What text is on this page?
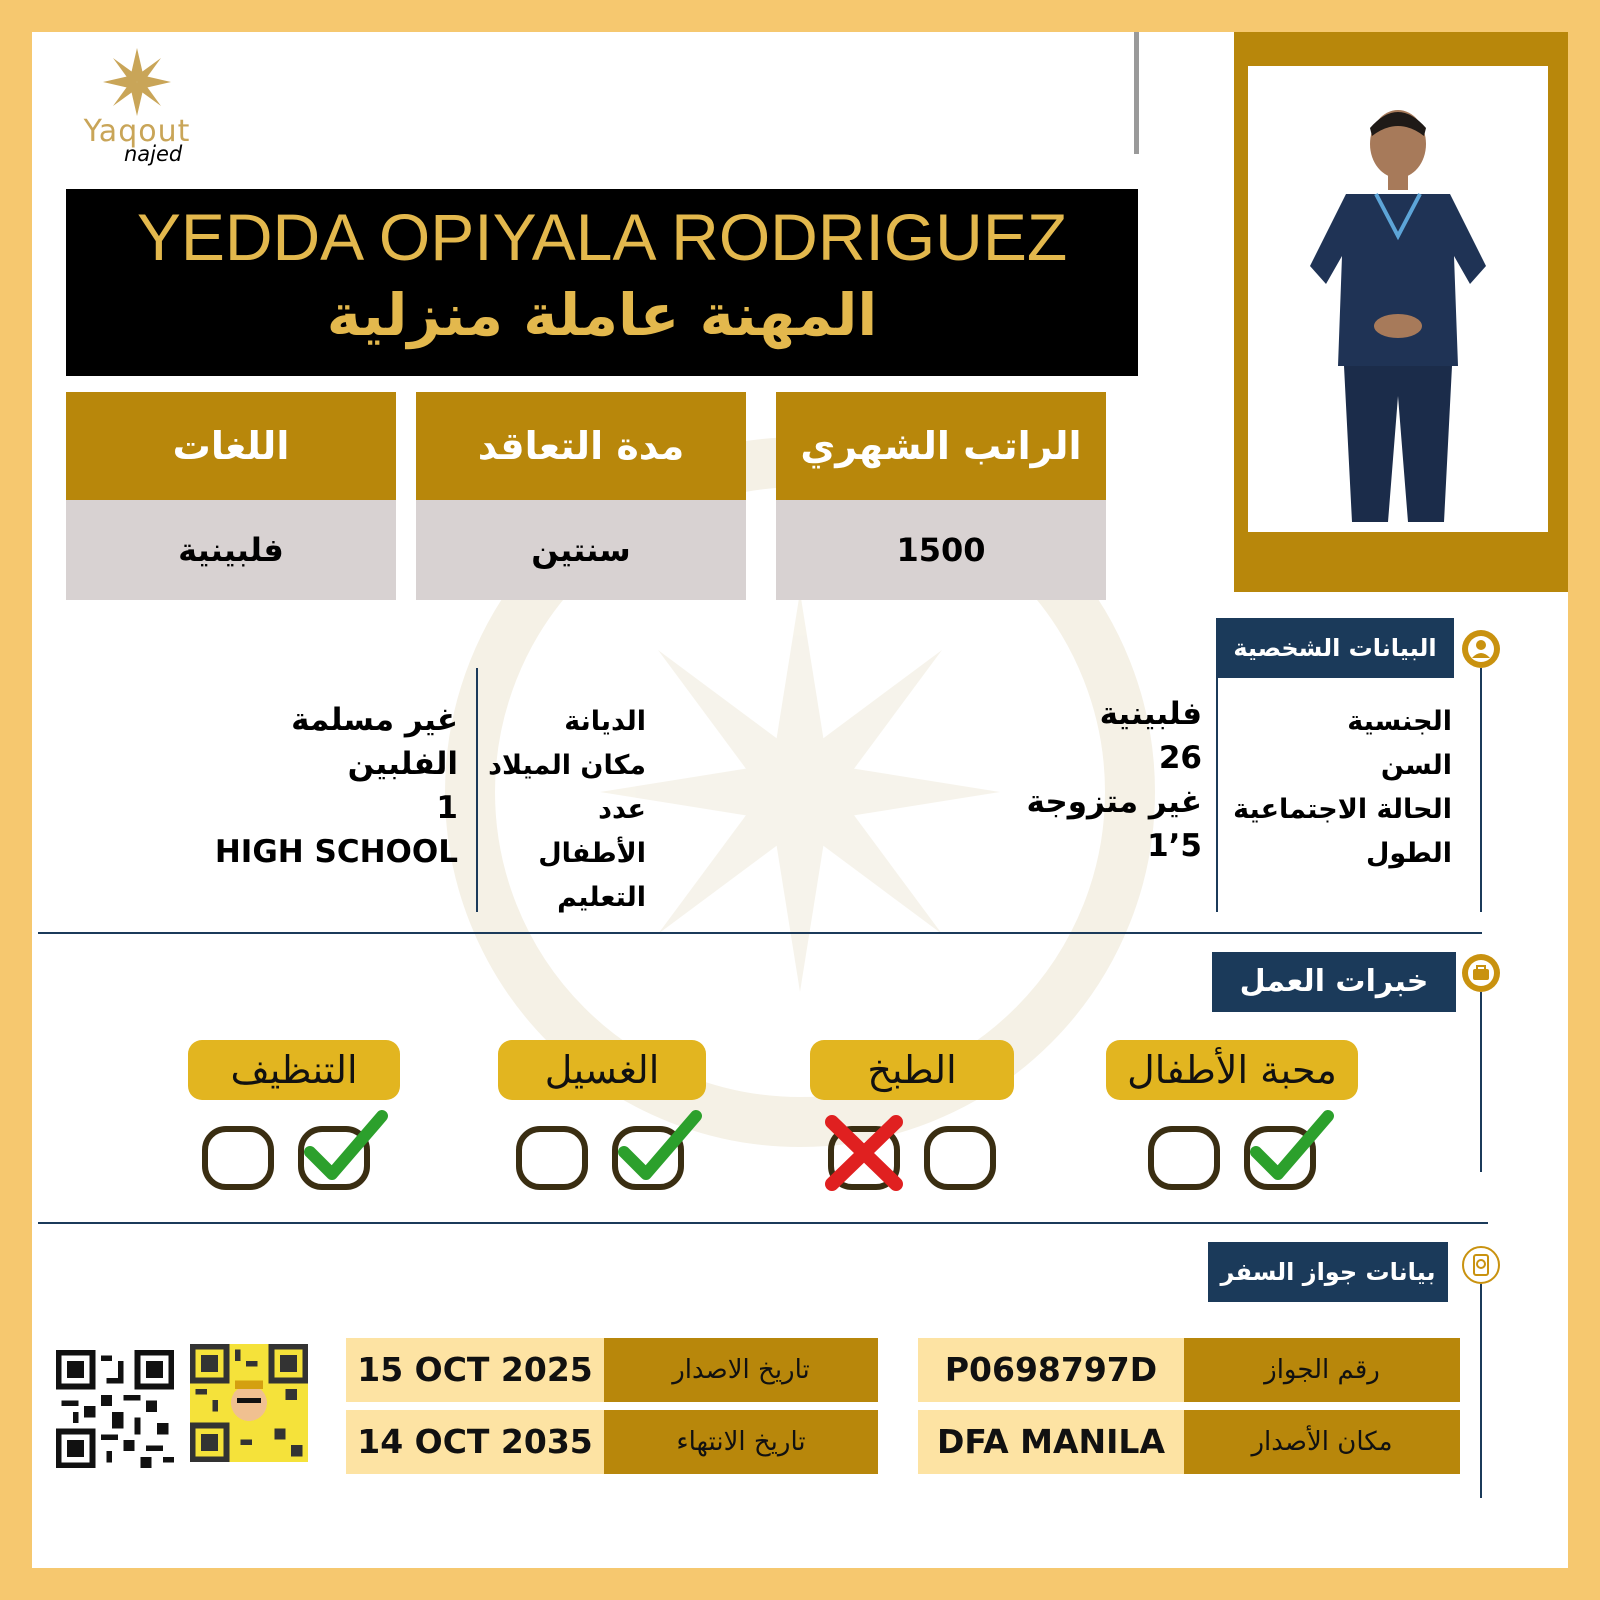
Yaqout
najed
YEDDA OPIYALA RODRIGUEZ
المهنة عاملة منزلية
الراتب الشهري
1500
مدة التعاقد
سنتين
اللغات
فلبينية
البيانات الشخصية
الجنسية
السن
الحالة الاجتماعية
الطول
فلبينية
26
غير متزوجة
5’1
الديانة
مكان الميلاد
عدد الأطفال
التعليم
غير مسلمة
الفلبين
1
HIGH SCHOOL
خبرات العمل
محبة الأطفال
الطبخ
الغسيل
التنظيف
بيانات جواز السفر
رقم الجواز
P0698797D
مكان الأصدار
DFA MANILA
تاريخ الاصدار
15 OCT 2025
تاريخ الانتهاء
14 OCT 2035
